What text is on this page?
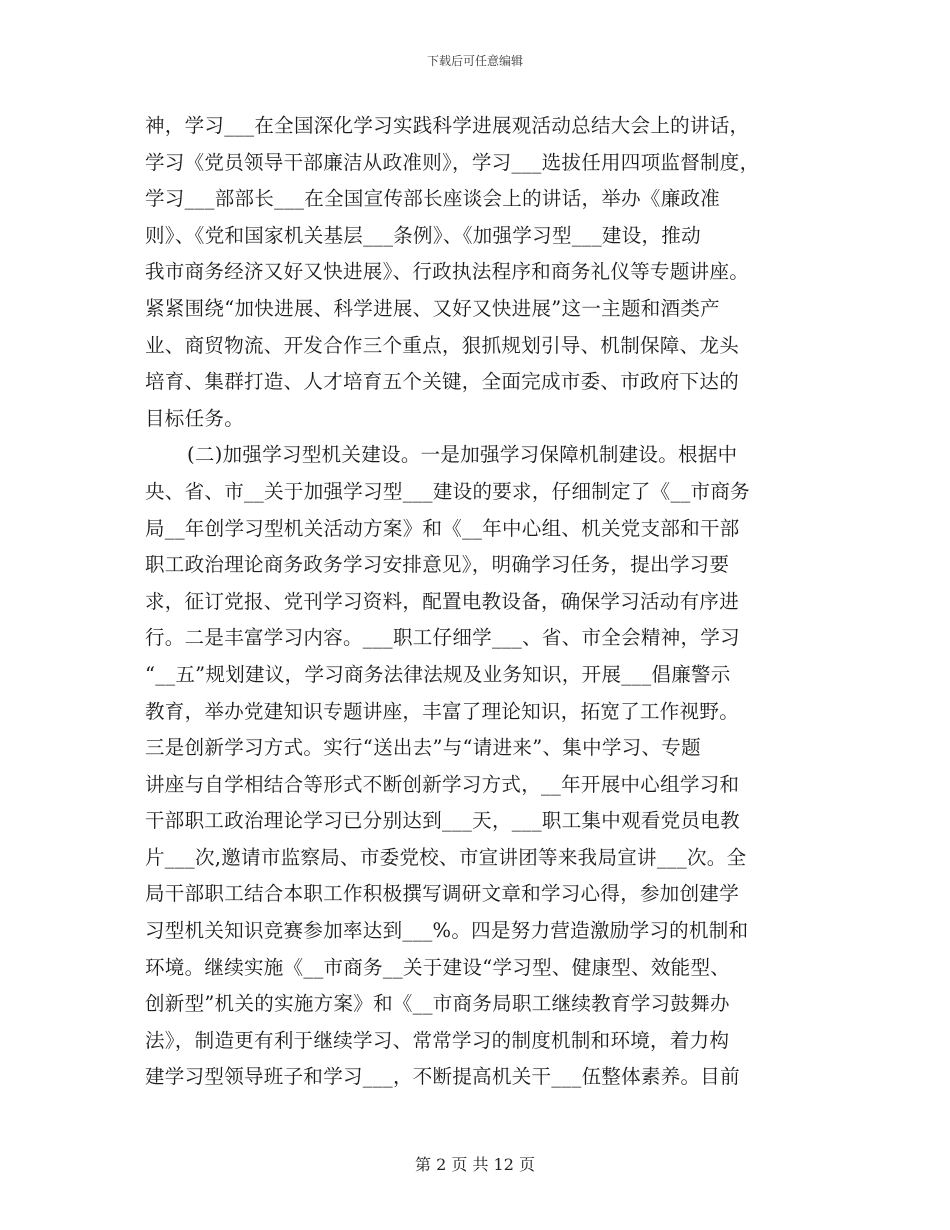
下载后可任意编辑
神，学习___在全国深化学习实践科学进展观活动总结大会上的讲话，
学习《党员领导干部廉洁从政准则》，学习___选拔任用四项监督制度，
学习___部部长___在全国宣传部长座谈会上的讲话，举办《廉政准
则》、《党和国家机关基层___条例》、《加强学习型___建设，推动
我市商务经济又好又快进展》、行政执法程序和商务礼仪等专题讲座。
紧紧围绕“加快进展、科学进展、又好又快进展”这一主题和酒类产
业、商贸物流、开发合作三个重点，狠抓规划引导、机制保障、龙头
培育、集群打造、人才培育五个关键，全面完成市委、市政府下达的
目标任务。
(二)加强学习型机关建设。一是加强学习保障机制建设。根据中
央、省、市__关于加强学习型___建设的要求，仔细制定了《__市商务
局__年创学习型机关活动方案》和《__年中心组、机关党支部和干部
职工政治理论商务政务学习安排意见》，明确学习任务，提出学习要
求，征订党报、党刊学习资料，配置电教设备，确保学习活动有序进
行。二是丰富学习内容。___职工仔细学___、省、市全会精神，学习
“__五”规划建议，学习商务法律法规及业务知识，开展___倡廉警示
教育，举办党建知识专题讲座，丰富了理论知识，拓宽了工作视野。
三是创新学习方式。实行“送出去”与“请进来”、集中学习、专题
讲座与自学相结合等形式不断创新学习方式，__年开展中心组学习和
干部职工政治理论学习已分别达到___天，___职工集中观看党员电教
片___次,邀请市监察局、市委党校、市宣讲团等来我局宣讲___次。全
局干部职工结合本职工作积极撰写调研文章和学习心得，参加创建学
习型机关知识竞赛参加率达到___%。四是努力营造激励学习的机制和
环境。继续实施《__市商务__关于建设“学习型、健康型、效能型、
创新型”机关的实施方案》和《__市商务局职工继续教育学习鼓舞办
法》，制造更有利于继续学习、常常学习的制度机制和环境，着力构
建学习型领导班子和学习___，不断提高机关干___伍整体素养。目前
第 2 页 共 12 页
